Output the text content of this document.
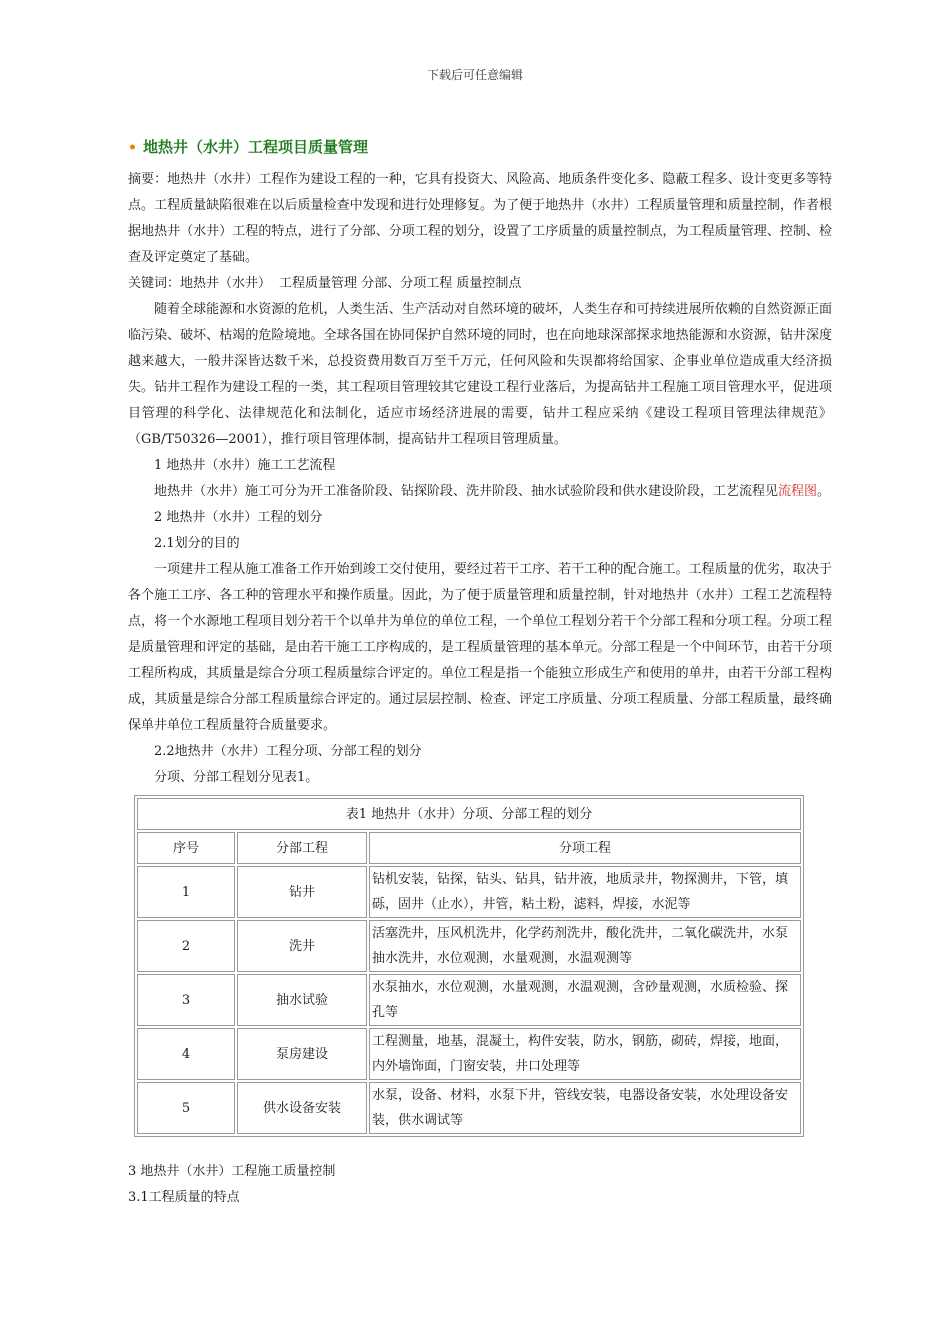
下载后可任意编辑
• 地热井（水井）工程项目质量管理

摘要：地热井（水井）工程作为建设工程的一种，它具有投资大、风险高、地质条件变化多、隐蔽工程多、设计变更多等特点。工程质量缺陷很难在以后质量检查中发现和进行处理修复。为了便于地热井（水井）工程质量管理和质量控制，作者根据地热井（水井）工程的特点，进行了分部、分项工程的划分，设置了工序质量的质量控制点，为工程质量管理、控制、检查及评定奠定了基础。

关键词：地热井（水井） 工程质量管理 分部、分项工程 质量控制点

随着全球能源和水资源的危机，人类生活、生产活动对自然环境的破坏，人类生存和可持续进展所依赖的自然资源正面临污染、破坏、枯竭的危险境地。全球各国在协同保护自然环境的同时，也在向地球深部探求地热能源和水资源，钻井深度越来越大，一般井深皆达数千米，总投资费用数百万至千万元，任何风险和失误都将给国家、企事业单位造成重大经济损失。钻井工程作为建设工程的一类，其工程项目管理较其它建设工程行业落后，为提高钻井工程施工项目管理水平，促进项目管理的科学化、法律规范化和法制化，适应市场经济进展的需要，钻井工程应采纳《建设工程项目管理法律规范》（GB/T50326—2001），推行项目管理体制，提高钻井工程项目管理质量。

1 地热井（水井）施工工艺流程

地热井（水井）施工可分为开工准备阶段、钻探阶段、洗井阶段、抽水试验阶段和供水建设阶段，工艺流程见流程图。

2 地热井（水井）工程的划分

2.1划分的目的

一项建井工程从施工准备工作开始到竣工交付使用，要经过若干工序、若干工种的配合施工。工程质量的优劣，取决于各个施工工序、各工种的管理水平和操作质量。因此，为了便于质量管理和质量控制，针对地热井（水井）工程工艺流程特点，将一个水源地工程项目划分若干个以单井为单位的单位工程，一个单位工程划分若干个分部工程和分项工程。分项工程是质量管理和评定的基础，是由若干施工工序构成的，是工程质量管理的基本单元。分部工程是一个中间环节，由若干分项工程所构成，其质量是综合分项工程质量综合评定的。单位工程是指一个能独立形成生产和使用的单井，由若干分部工程构成，其质量是综合分部工程质量综合评定的。通过层层控制、检查、评定工序质量、分项工程质量、分部工程质量，最终确保单井单位工程质量符合质量要求。

2.2地热井（水井）工程分项、分部工程的划分

分项、分部工程划分见表1。

表1 地热井（水井）分项、分部工程的划分		
序号	分部工程	分项工程
1	钻井	钻机安装，钻探，钻头、钻具，钻井液，地质录井，物探测井，下管，填砾，固井（止水），井管，粘土粉，滤料，焊接，水泥等
2	洗井	活塞洗井，压风机洗井，化学药剂洗井，酸化洗井，二氧化碳洗井，水泵抽水洗井，水位观测，水量观测，水温观测等
3	抽水试验	水泵抽水，水位观测，水量观测，水温观测，含砂量观测，水质检验、探孔等
4	泵房建设	工程测量，地基，混凝土，构件安装，防水，钢筋，砌砖，焊接，地面，内外墙饰面，门窗安装，井口处理等
5	供水设备安装	水泵，设备、材料，水泵下井，管线安装，电器设备安装，水处理设备安装，供水调试等

3 地热井（水井）工程施工质量控制

3.1工程质量的特点
